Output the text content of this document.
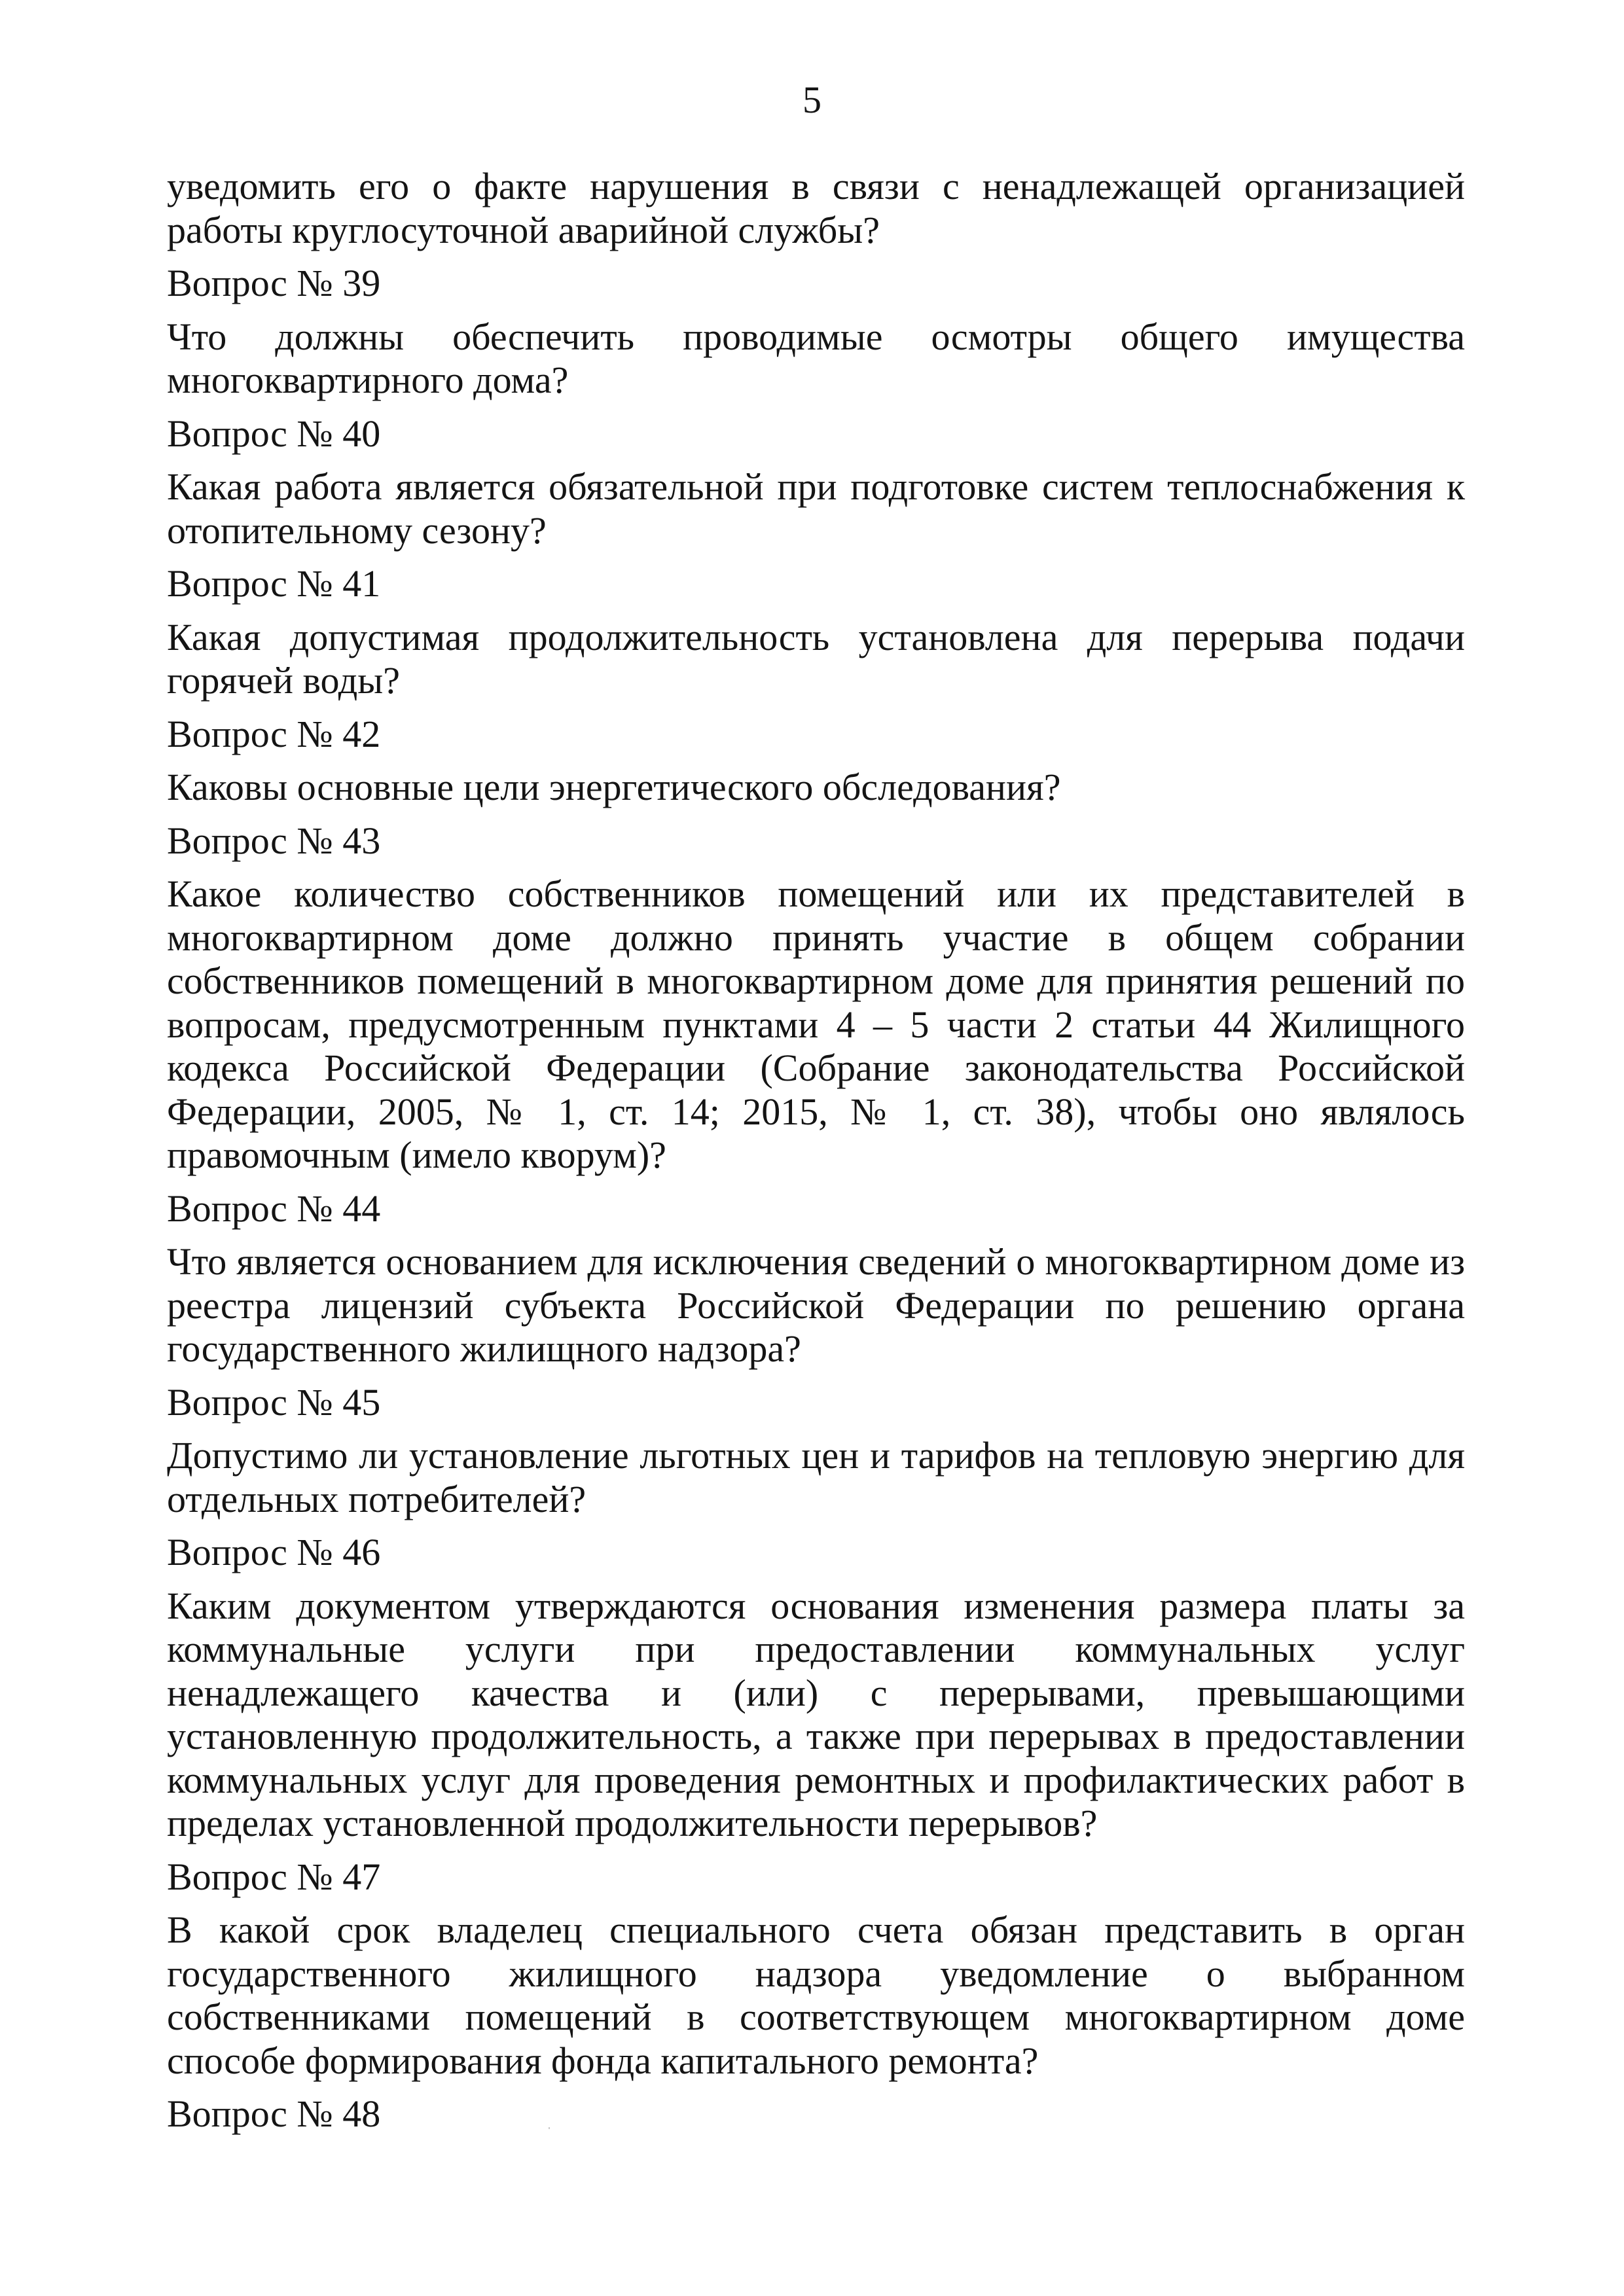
5

уведомить его о факте нарушения в связи с ненадлежащей организацией работы круглосуточной аварийной службы?

Вопрос № 39

Что должны обеспечить проводимые осмотры общего имущества многоквартирного дома?

Вопрос № 40

Какая работа является обязательной при подготовке систем теплоснабжения к отопительному сезону?

Вопрос № 41

Какая допустимая продолжительность установлена для перерыва подачи горячей воды?

Вопрос № 42

Каковы основные цели энергетического обследования?

Вопрос № 43

Какое количество собственников помещений или их представителей в многоквартирном доме должно принять участие в общем собрании собственников помещений в многоквартирном доме для принятия решений по вопросам, предусмотренным пунктами 4 – 5 части 2 статьи 44 Жилищного кодекса Российской Федерации (Собрание законодательства Российской Федерации, 2005, № 1, ст. 14; 2015, № 1, ст. 38), чтобы оно являлось правомочным (имело кворум)?

Вопрос № 44

Что является основанием для исключения сведений о многоквартирном доме из реестра лицензий субъекта Российской Федерации по решению органа государственного жилищного надзора?

Вопрос № 45

Допустимо ли установление льготных цен и тарифов на тепловую энергию для отдельных потребителей?

Вопрос № 46

Каким документом утверждаются основания изменения размера платы за коммунальные услуги при предоставлении коммунальных услуг ненадлежащего качества и (или) с перерывами, превышающими установленную продолжительность, а также при перерывах в предоставлении коммунальных услуг для проведения ремонтных и профилактических работ в пределах установленной продолжительности перерывов?

Вопрос № 47

В какой срок владелец специального счета обязан представить в орган государственного жилищного надзора уведомление о выбранном собственниками помещений в соответствующем многоквартирном доме способе формирования фонда капитального ремонта?

Вопрос № 48
